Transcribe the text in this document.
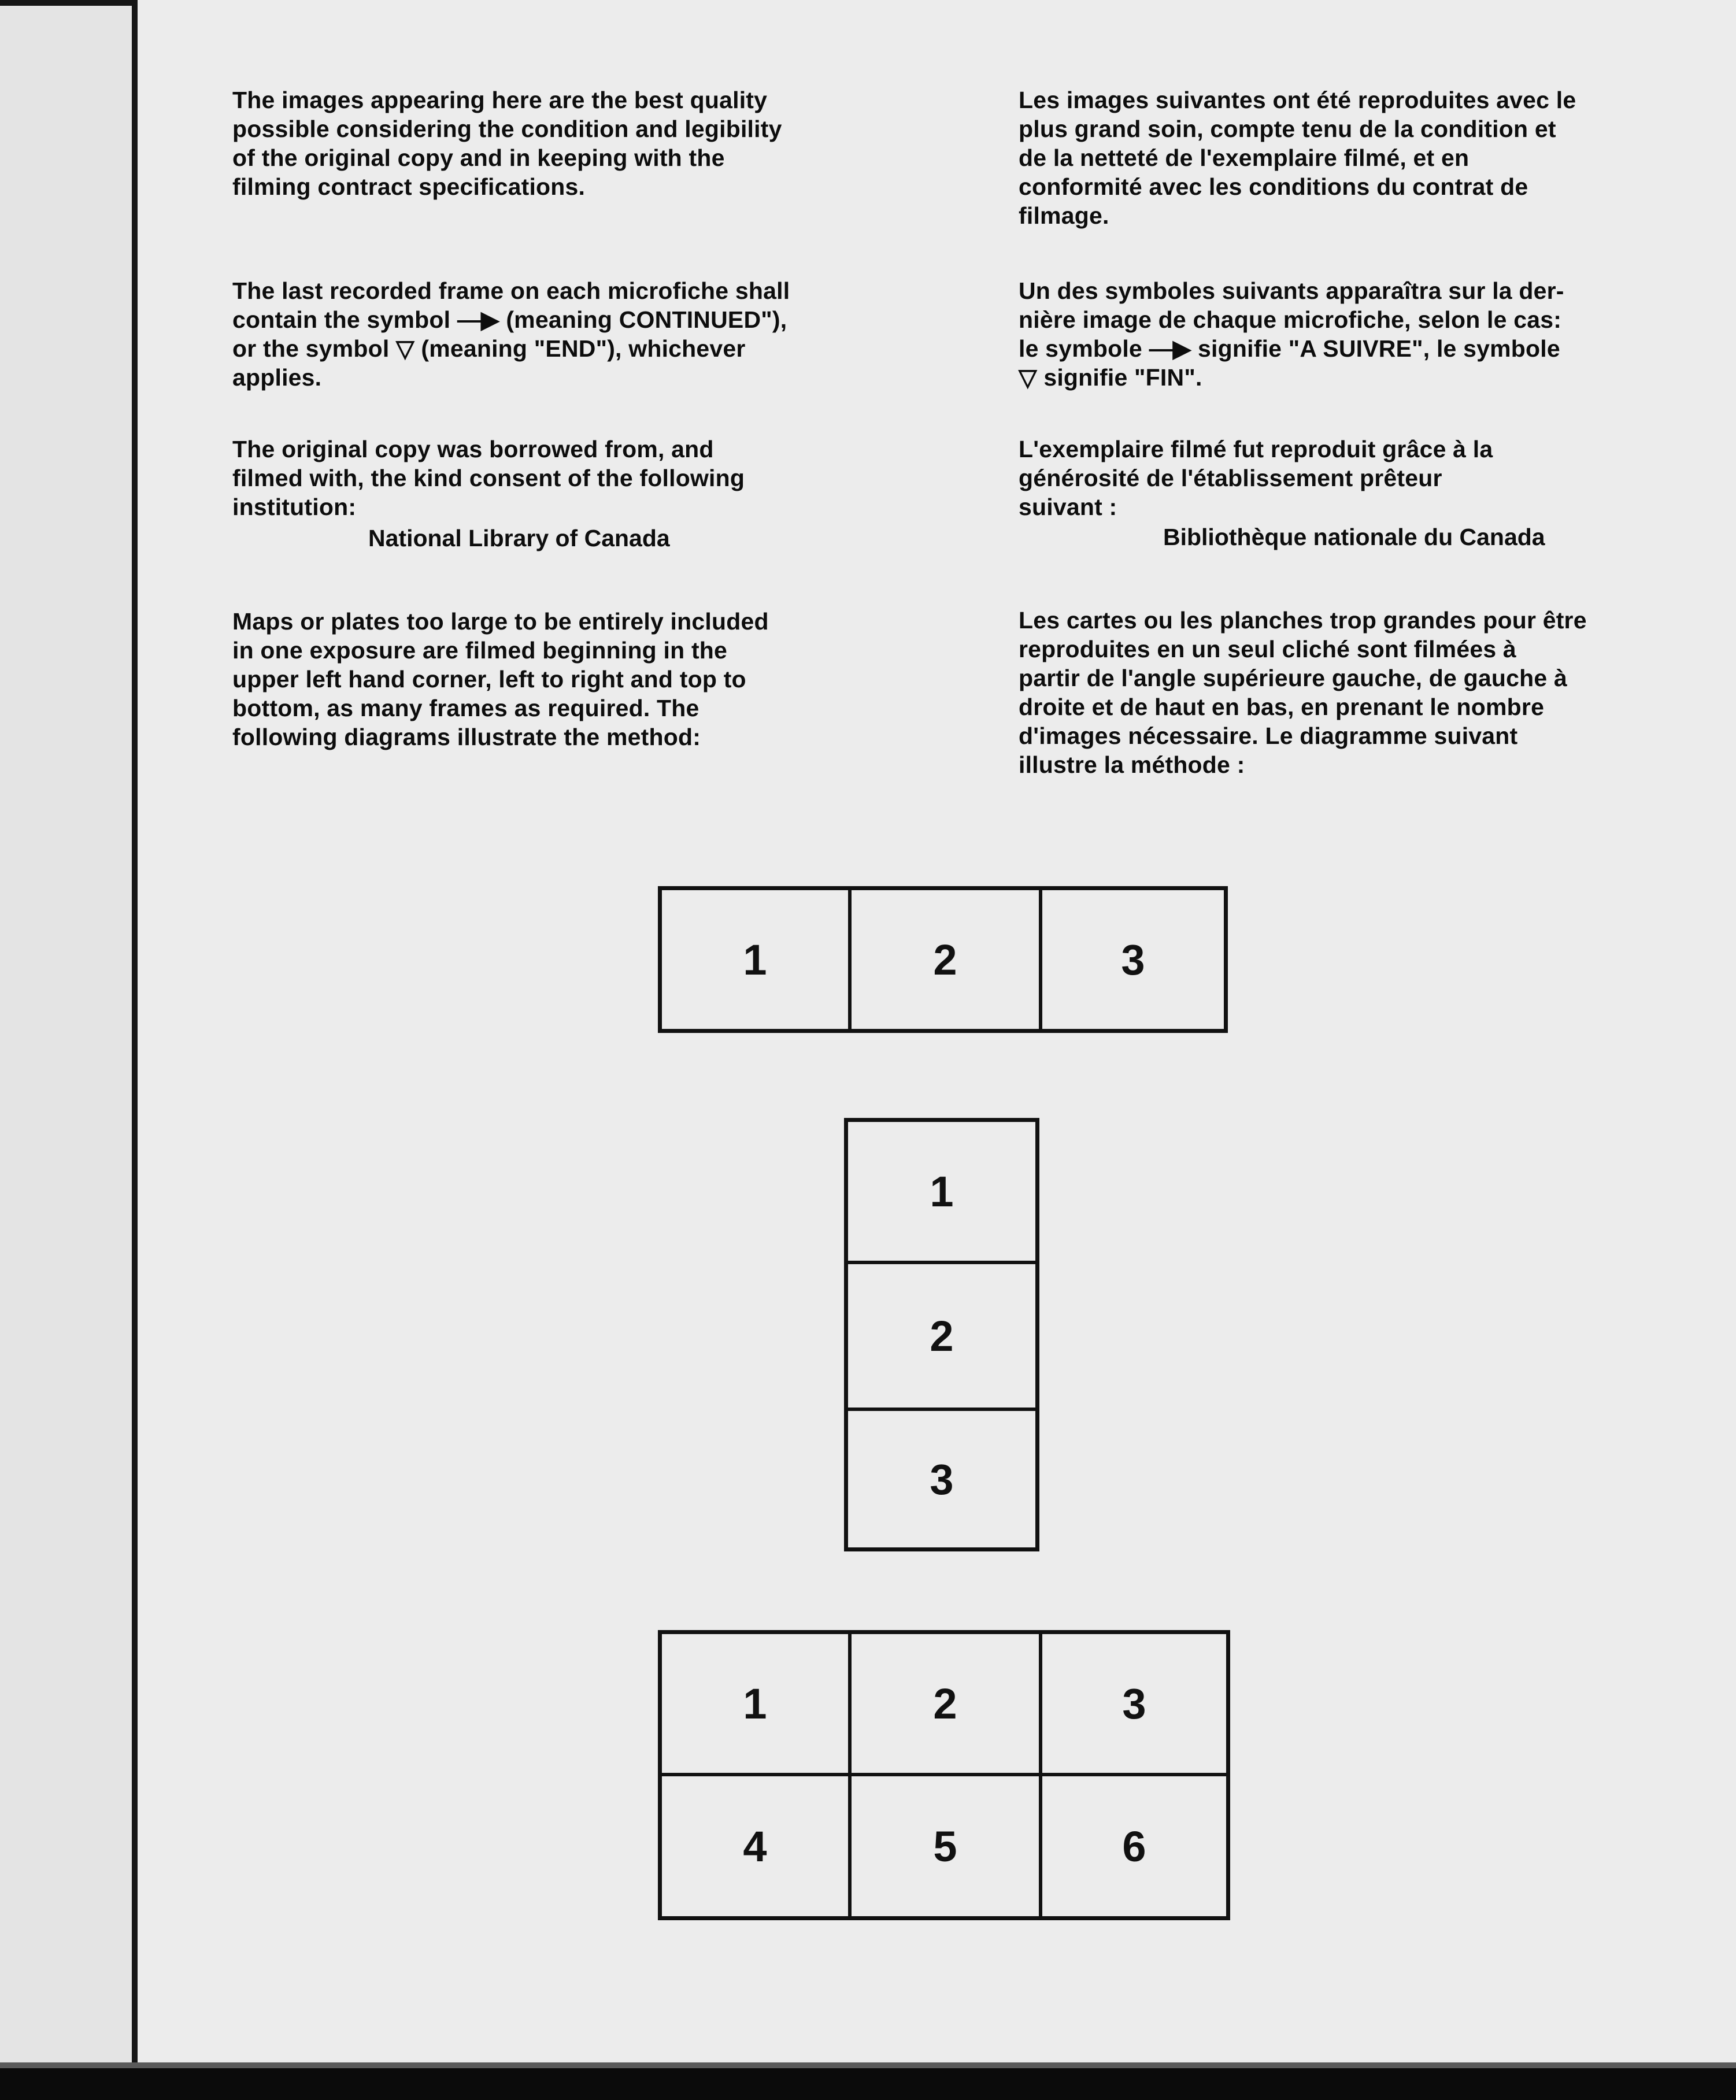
The images appearing here are the best quality
possible considering the condition and legibility
of the original copy and in keeping with the
filming contract specifications.
The last recorded frame on each microfiche shall
contain the symbol —▶ (meaning CONTINUED"),
or the symbol ▽ (meaning "END"), whichever
applies.
The original copy was borrowed from, and
filmed with, the kind consent of the following
institution:
National Library of Canada
Maps or plates too large to be entirely included
in one exposure are filmed beginning in the
upper left hand corner, left to right and top to
bottom, as many frames as required. The
following diagrams illustrate the method:
Les images suivantes ont été reproduites avec le
plus grand soin, compte tenu de la condition et
de la netteté de l'exemplaire filmé, et en
conformité avec les conditions du contrat de
filmage.
Un des symboles suivants apparaîtra sur la der-
nière image de chaque microfiche, selon le cas:
le symbole —▶ signifie "A SUIVRE", le symbole
▽ signifie "FIN".
L'exemplaire filmé fut reproduit grâce à la
générosité de l'établissement prêteur
suivant :
Bibliothèque nationale du Canada
Les cartes ou les planches trop grandes pour être
reproduites en un seul cliché sont filmées à
partir de l'angle supérieure gauche, de gauche à
droite et de haut en bas, en prenant le nombre
d'images nécessaire. Le diagramme suivant
illustre la méthode :
1	2	3
1
2
3
1	2	3
4	5	6
